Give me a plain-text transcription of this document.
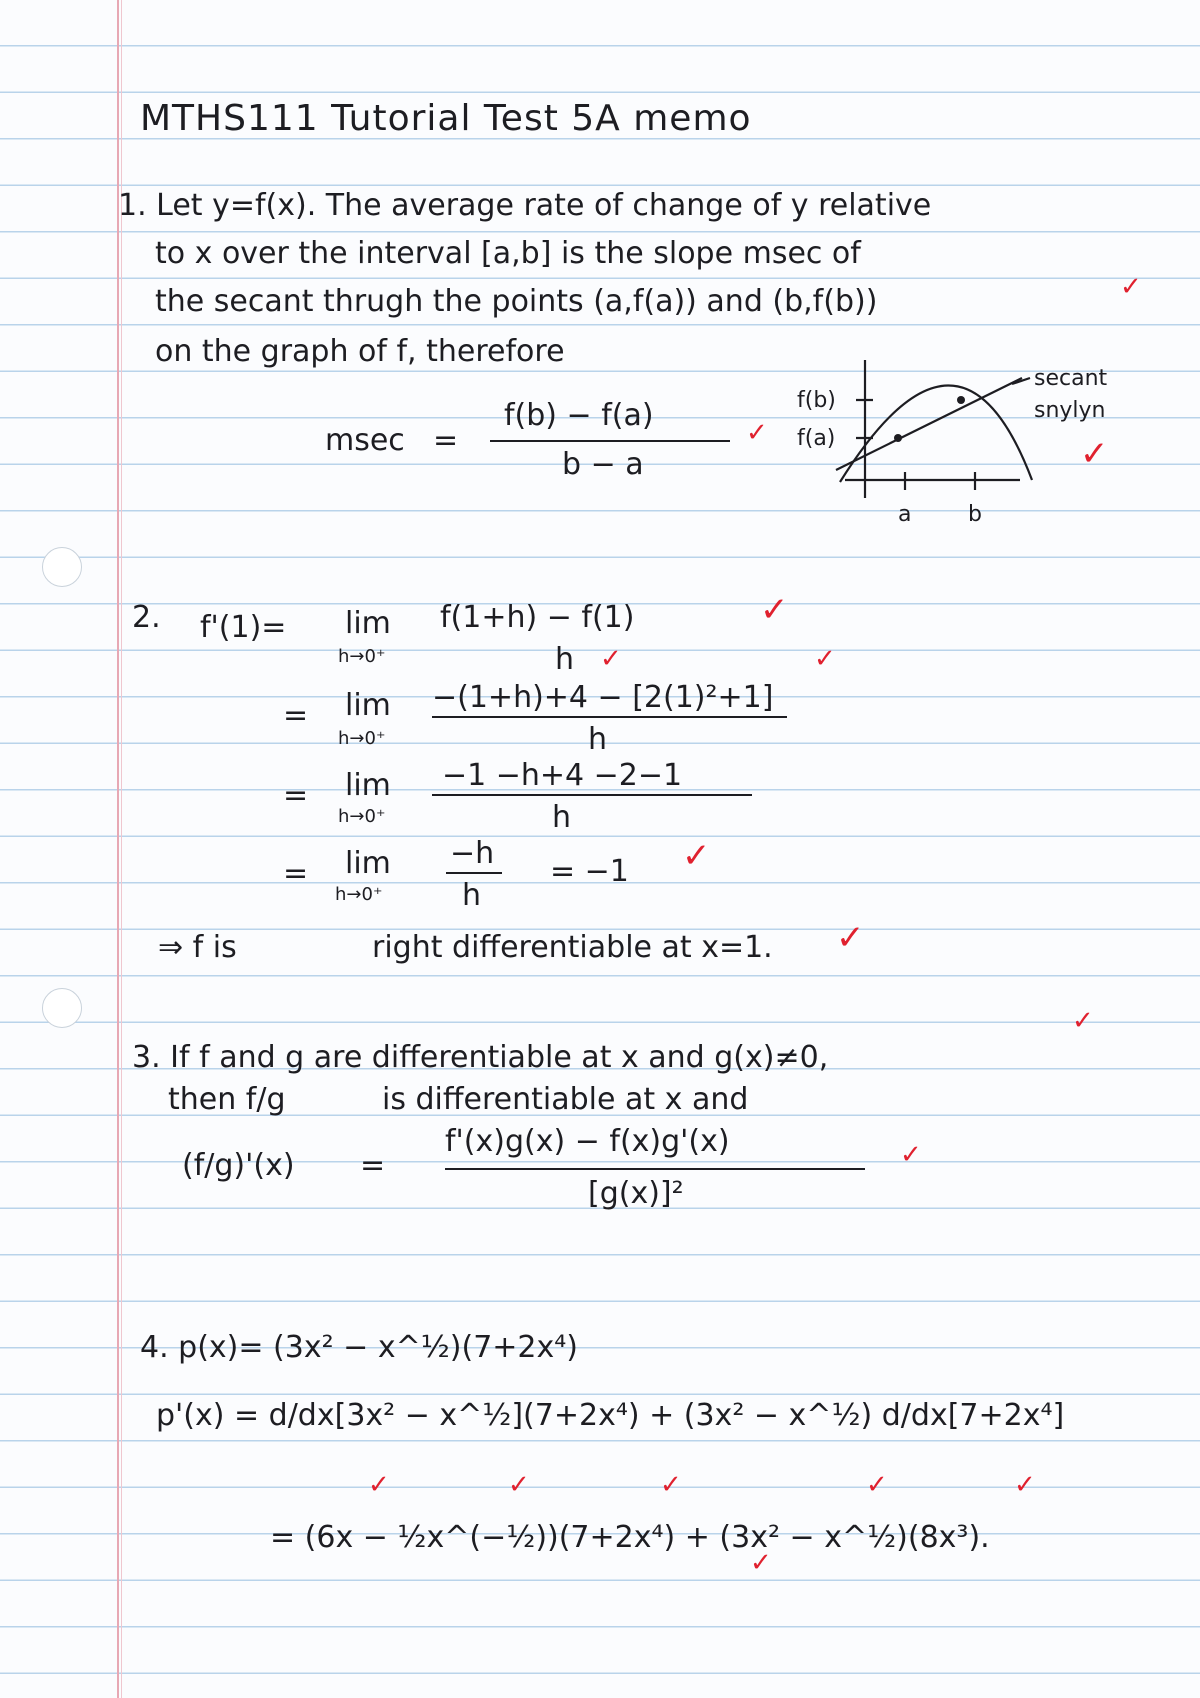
MTHS111 Tutorial Test 5A memo
1. Let y=f(x). The average rate of change of y relative
to x over the interval [a,b] is the slope msec of
the secant thrugh the points (a,f(a)) and (b,f(b))	✓
on the graph of f, therefore
msec =
f(b) − f(a)
b − a
✓
f(b)
f(a)
a	b
secant
snylyn
✓
2. f'(1)= lim
h→0⁺
f(1+h) − f(1)
h
✓
✓	✓
= lim
h→0⁺
−(1+h)+4 − [2(1)²+1]
h
= lim
h→0⁺
−1 −h+4 −2−1
h
= lim
h→0⁺
−h
h
= −1 ✓
⇒ f is	right differentiable at x=1. ✓
3. If f and g are differentiable at x and g(x)≠0,
✓
then f/g	is differentiable at x and
(f/g)'(x) =
f'(x)g(x) − f(x)g'(x)
[g(x)]²
✓
4. p(x)= (3x² − x^½)(7+2x⁴)
p'(x) = d/dx[3x² − x^½](7+2x⁴) + (3x² − x^½) d/dx[7+2x⁴]
✓	✓	✓	✓	✓
= (6x − ½x^(−½))(7+2x⁴) + (3x² − x^½)(8x³).
✓
